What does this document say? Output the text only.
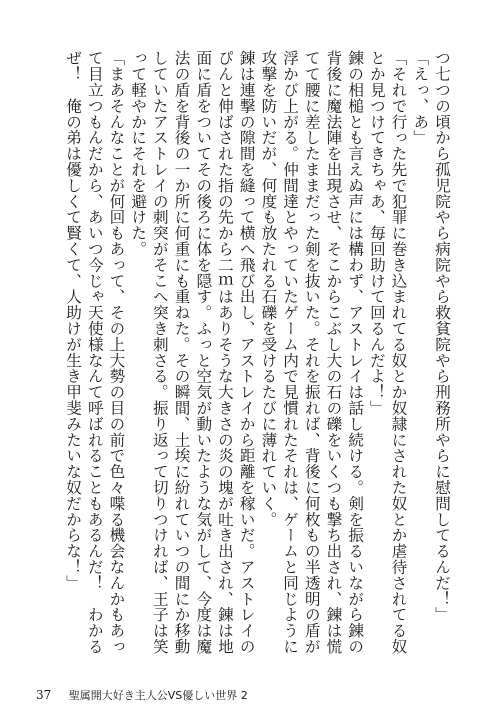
つ七つの頃から孤児院やら病院やら救貧院やら刑務所やらに慰問してるんだ！」
「えっ、あ」
「それで行った先で犯罪に巻き込まれてる奴とか奴隷にされた奴とか虐待されてる奴とか見つけてきちゃあ、毎回助けて回るんだよ！」
錬の相槌とも言えぬ声には構わず、アストレイは話し続ける。剣を振るいながら錬の背後に魔法陣を出現させ、そこからこぶし大の石の礫をいくつも撃ち出され、錬は慌てて腰に差したままだった剣を抜いた。それを振れば、背後に何枚もの半透明の盾が浮かび上がる。仲間達とやっていたゲーム内で見慣れたそれは、ゲームと同じように攻撃を防いだが、何度も放たれる石礫を受けるたびに薄れていく。
錬は連撃の隙間を縫って横へ飛び出し、アストレイから距離を稼いだ。アストレイのぴんと伸ばされた指の先から二ｍはありそうな大きさの炎の塊が吐き出され、錬は地面に盾をついてその後ろに体を隠す。ふっと空気が動いたような気がして、今度は魔法の盾を背後の一か所に何重にも重ねた。その瞬間、土埃に紛れていつの間にか移動していたアストレイの刺突がそこへ突き刺さる。振り返って切りつければ、王子は笑って軽やかにそれを避けた。
「まあそんなことが何回もあって、その上大勢の目の前で色々喋る機会なんかもあって目立つもんだから、あいつ今じゃ天使様なんて呼ばれることもあるんだ！　わかるぜ！　俺の弟は優しくて賢くて、人助けが生き甲斐みたいな奴だからな！」
37 聖属開大好き主人公VS優しい世界 2
